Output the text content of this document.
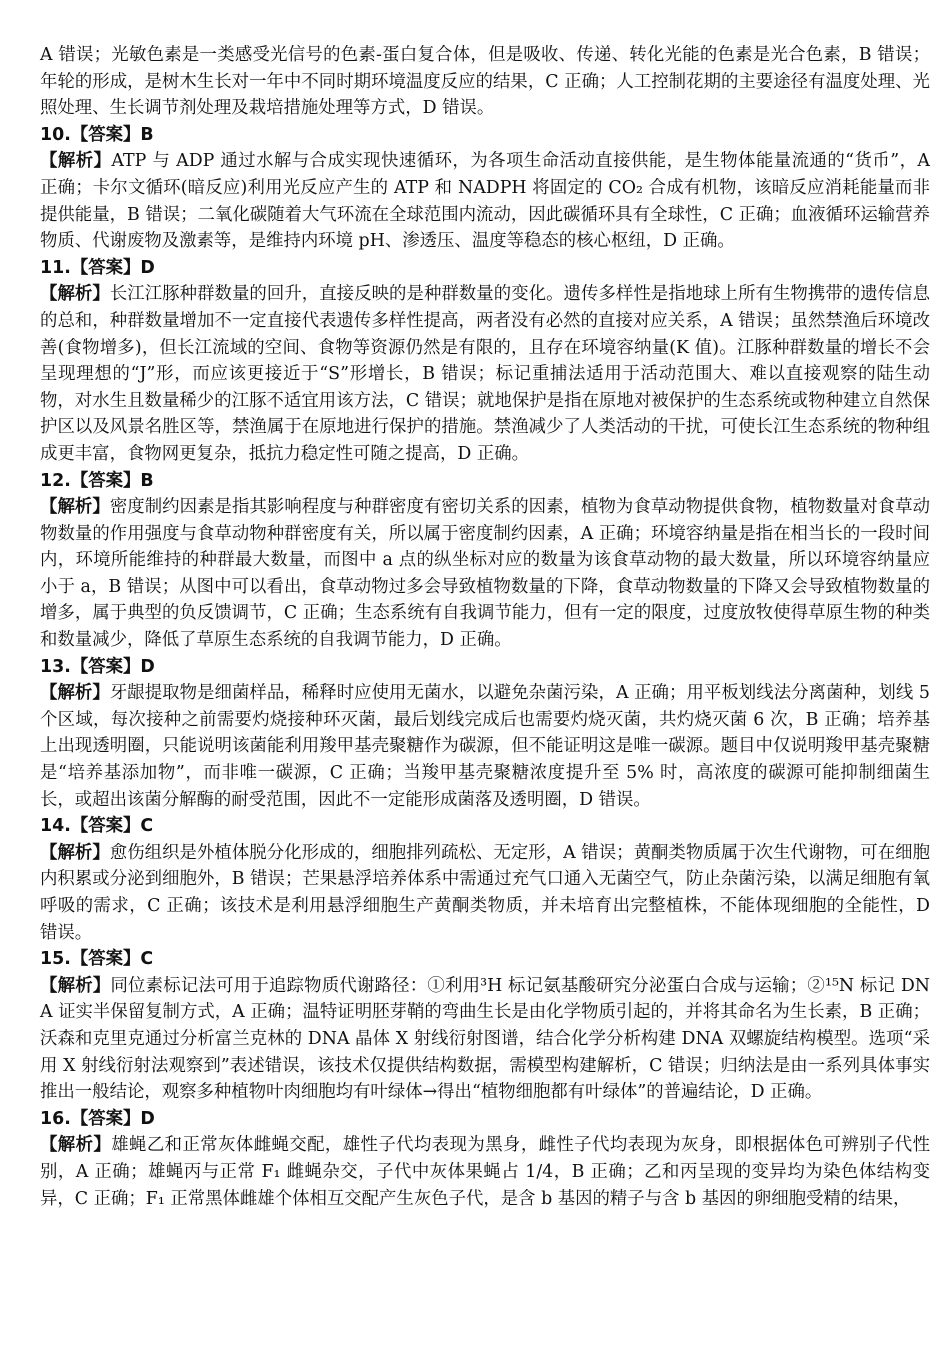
A 错误；光敏色素是一类感受光信号的色素-蛋白复合体，但是吸收、传递、转化光能的色素是光合色素，B 错误；年轮的形成，是树木生长对一年中不同时期环境温度反应的结果，C 正确；人工控制花期的主要途径有温度处理、光照处理、生长调节剂处理及栽培措施处理等方式，D 错误。

10.【答案】B

【解析】ATP 与 ADP 通过水解与合成实现快速循环，为各项生命活动直接供能，是生物体能量流通的“货币”，A 正确；卡尔文循环(暗反应)利用光反应产生的 ATP 和 NADPH 将固定的 CO₂ 合成有机物，该暗反应消耗能量而非提供能量，B 错误；二氧化碳随着大气环流在全球范围内流动，因此碳循环具有全球性，C 正确；血液循环运输营养物质、代谢废物及激素等，是维持内环境 pH、渗透压、温度等稳态的核心枢纽，D 正确。

11.【答案】D

【解析】长江江豚种群数量的回升，直接反映的是种群数量的变化。遗传多样性是指地球上所有生物携带的遗传信息的总和，种群数量增加不一定直接代表遗传多样性提高，两者没有必然的直接对应关系，A 错误；虽然禁渔后环境改善(食物增多)，但长江流域的空间、食物等资源仍然是有限的，且存在环境容纳量(K 值)。江豚种群数量的增长不会呈现理想的“J”形，而应该更接近于“S”形增长，B 错误；标记重捕法适用于活动范围大、难以直接观察的陆生动物，对水生且数量稀少的江豚不适宜用该方法，C 错误；就地保护是指在原地对被保护的生态系统或物种建立自然保护区以及风景名胜区等，禁渔属于在原地进行保护的措施。禁渔减少了人类活动的干扰，可使长江生态系统的物种组成更丰富，食物网更复杂，抵抗力稳定性可随之提高，D 正确。

12.【答案】B

【解析】密度制约因素是指其影响程度与种群密度有密切关系的因素，植物为食草动物提供食物，植物数量对食草动物数量的作用强度与食草动物种群密度有关，所以属于密度制约因素，A 正确；环境容纳量是指在相当长的一段时间内，环境所能维持的种群最大数量，而图中 a 点的纵坐标对应的数量为该食草动物的最大数量，所以环境容纳量应小于 a，B 错误；从图中可以看出，食草动物过多会导致植物数量的下降，食草动物数量的下降又会导致植物数量的增多，属于典型的负反馈调节，C 正确；生态系统有自我调节能力，但有一定的限度，过度放牧使得草原生物的种类和数量减少，降低了草原生态系统的自我调节能力，D 正确。

13.【答案】D

【解析】牙龈提取物是细菌样品，稀释时应使用无菌水，以避免杂菌污染，A 正确；用平板划线法分离菌种，划线 5 个区域，每次接种之前需要灼烧接种环灭菌，最后划线完成后也需要灼烧灭菌，共灼烧灭菌 6 次，B 正确；培养基上出现透明圈，只能说明该菌能利用羧甲基壳聚糖作为碳源，但不能证明这是唯一碳源。题目中仅说明羧甲基壳聚糖是“培养基添加物”，而非唯一碳源，C 正确；当羧甲基壳聚糖浓度提升至 5% 时，高浓度的碳源可能抑制细菌生长，或超出该菌分解酶的耐受范围，因此不一定能形成菌落及透明圈，D 错误。

14.【答案】C

【解析】愈伤组织是外植体脱分化形成的，细胞排列疏松、无定形，A 错误；黄酮类物质属于次生代谢物，可在细胞内积累或分泌到细胞外，B 错误；芒果悬浮培养体系中需通过充气口通入无菌空气，防止杂菌污染，以满足细胞有氧呼吸的需求，C 正确；该技术是利用悬浮细胞生产黄酮类物质，并未培育出完整植株，不能体现细胞的全能性，D 错误。

15.【答案】C

【解析】同位素标记法可用于追踪物质代谢路径：①利用³H 标记氨基酸研究分泌蛋白合成与运输；②¹⁵N 标记 DNA 证实半保留复制方式，A 正确；温特证明胚芽鞘的弯曲生长是由化学物质引起的，并将其命名为生长素，B 正确；沃森和克里克通过分析富兰克林的 DNA 晶体 X 射线衍射图谱，结合化学分析构建 DNA 双螺旋结构模型。选项“采用 X 射线衍射法观察到”表述错误，该技术仅提供结构数据，需模型构建解析，C 错误；归纳法是由一系列具体事实推出一般结论，观察多种植物叶肉细胞均有叶绿体→得出“植物细胞都有叶绿体”的普遍结论，D 正确。

16.【答案】D

【解析】雄蝇乙和正常灰体雌蝇交配，雄性子代均表现为黑身，雌性子代均表现为灰身，即根据体色可辨别子代性别，A 正确；雄蝇丙与正常 F₁ 雌蝇杂交，子代中灰体果蝇占 1/4，B 正确；乙和丙呈现的变异均为染色体结构变异，C 正确；F₁ 正常黑体雌雄个体相互交配产生灰色子代，是含 b 基因的精子与含 b 基因的卵细胞受精的结果，
